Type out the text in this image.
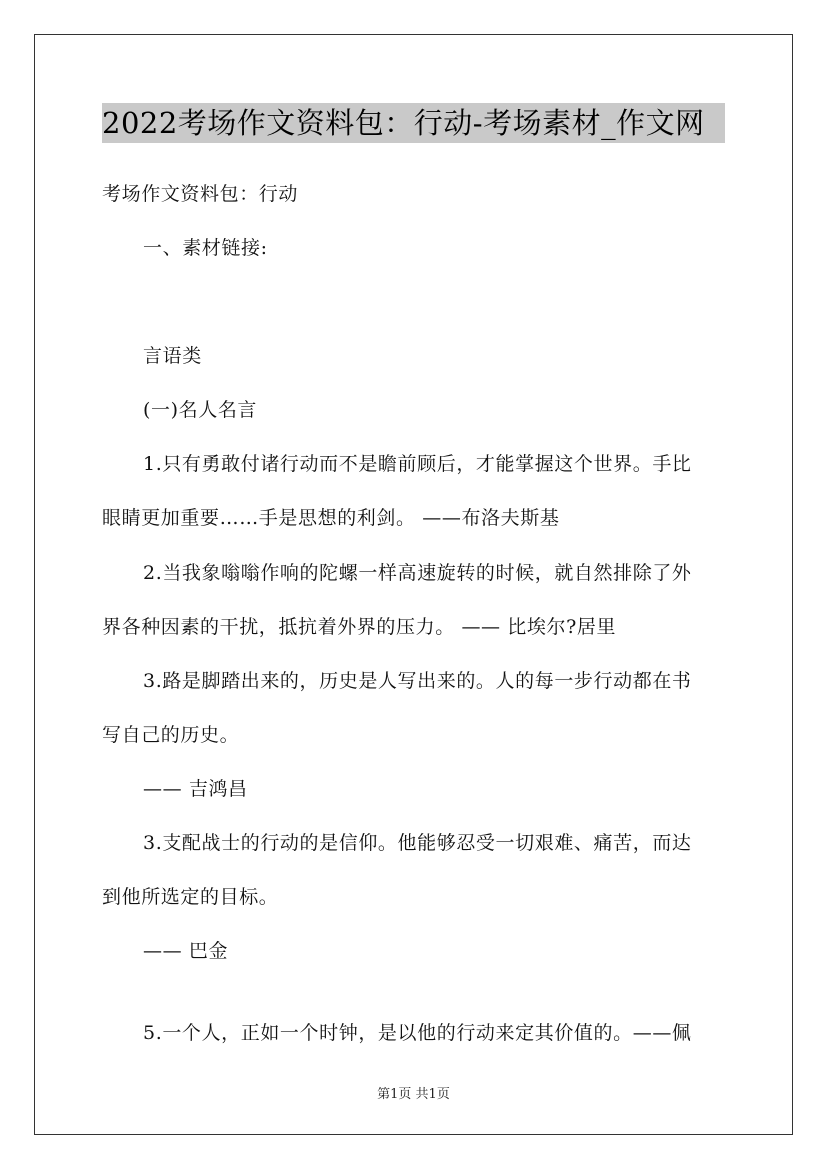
2022考场作文资料包：行动-考场素材_作文网
考场作文资料包：行动
一、素材链接:
言语类
(一)名人名言
1.只有勇敢付诸行动而不是瞻前顾后，才能掌握这个世界。手比
眼睛更加重要……手是思想的利剑。 ——布洛夫斯基
2.当我象嗡嗡作响的陀螺一样高速旋转的时候，就自然排除了外
界各种因素的干扰，抵抗着外界的压力。 —— 比埃尔?居里
3.路是脚踏出来的，历史是人写出来的。人的每一步行动都在书
写自己的历史。
—— 吉鸿昌
3.支配战士的行动的是信仰。他能够忍受一切艰难、痛苦，而达
到他所选定的目标。
—— 巴金
5.一个人，正如一个时钟，是以他的行动来定其价值的。——佩
第1页 共1页
